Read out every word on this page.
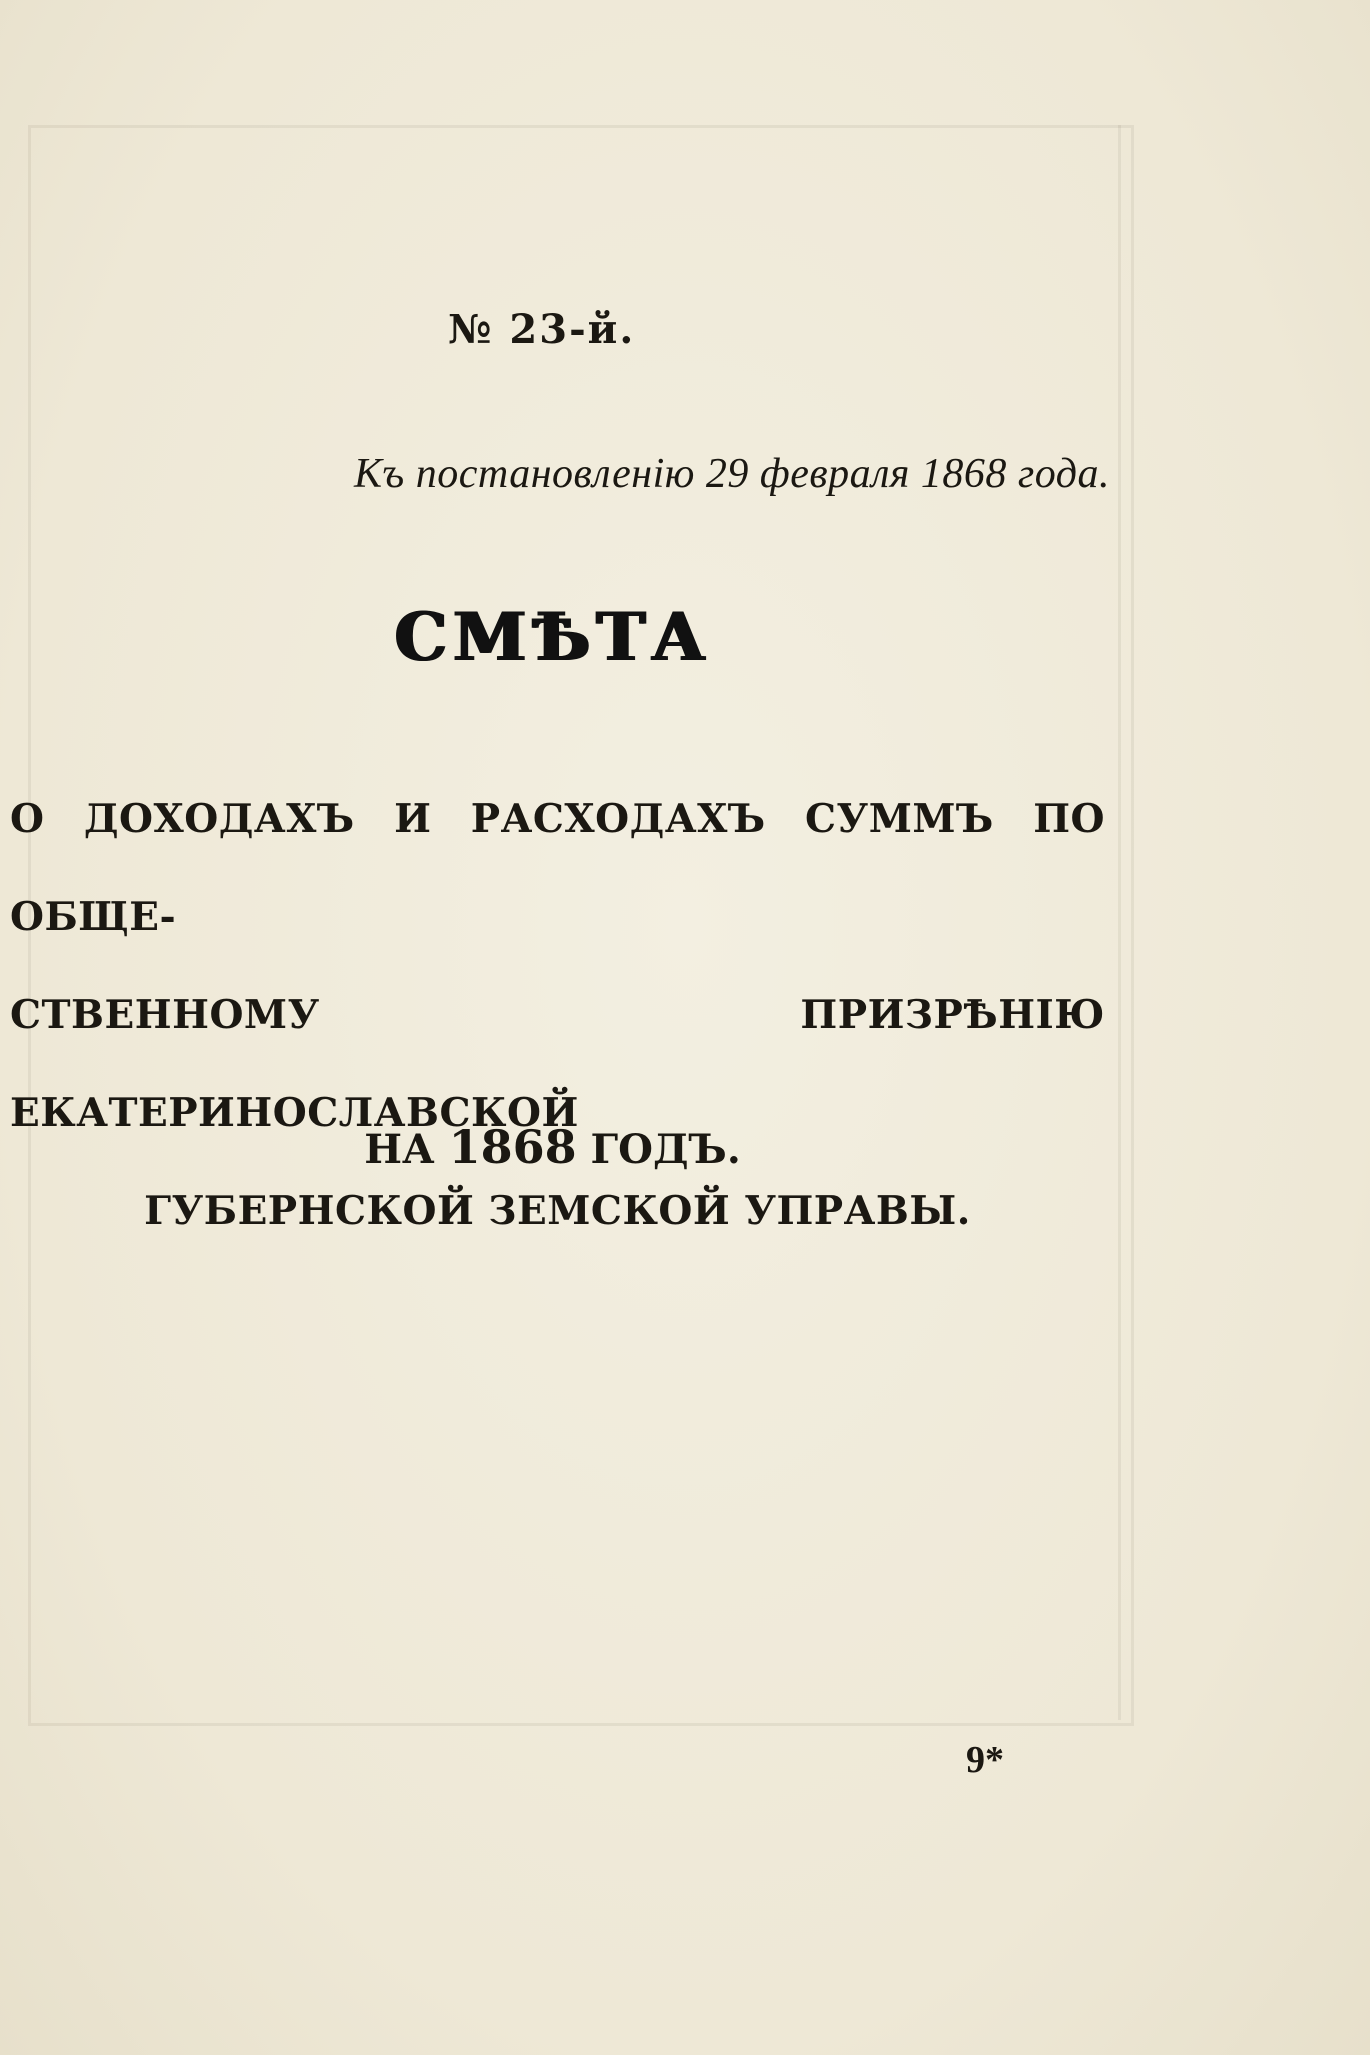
№ 23-й.
Къ постановленію 29 февраля 1868 года.
СМѢТА
О ДОХОДАХЪ И РАСХОДАХЪ СУММЪ ПО ОБЩЕ-
СТВЕННОМУ ПРИЗРѢНІЮ ЕКАТЕРИНОСЛАВСКОЙ
ГУБЕРНСКОЙ ЗЕМСКОЙ УПРАВЫ.
НА 1868 ГОДЪ.
9*
